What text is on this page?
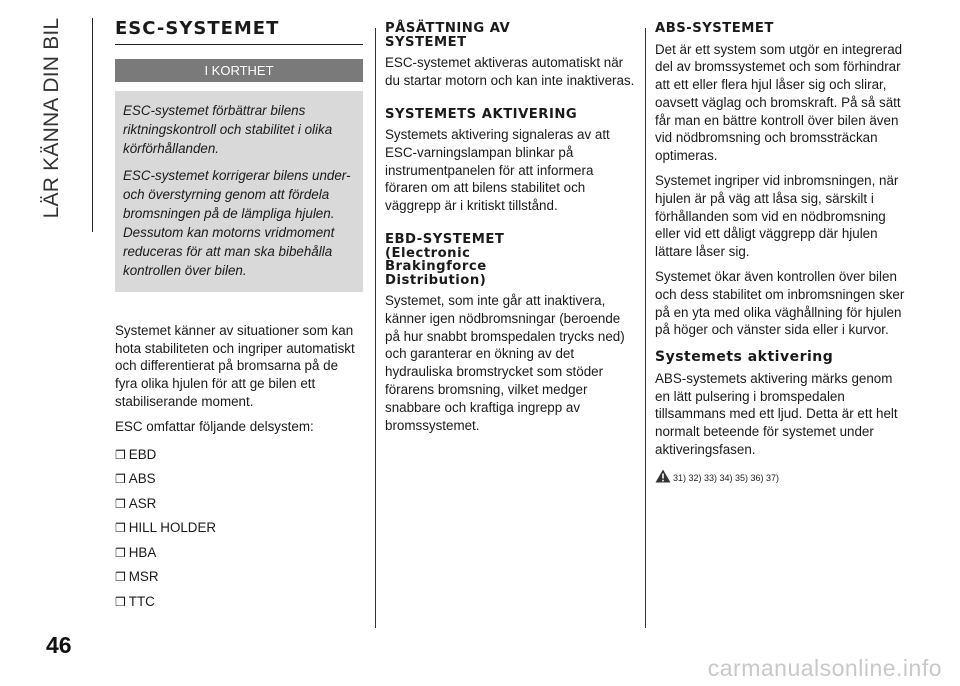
LÄR KÄNNA DIN BIL
46
carmanualsonline.info
ESC-SYSTEMET
I KORTHET

ESC-systemet förbättrar bilens riktningskontroll och stabilitet i olika körförhållanden.

ESC-systemet korrigerar bilens under- och överstyrning genom att fördela bromsningen på de lämpliga hjulen. Dessutom kan motorns vridmoment reduceras för att man ska bibehålla kontrollen över bilen.

Systemet känner av situationer som kan hota stabiliteten och ingriper automatiskt och differentierat på bromsarna på de fyra olika hjulen för att ge bilen ett stabiliserande moment.

ESC omfattar följande delsystem:

❒ EBD
❒ ABS
❒ ASR
❒ HILL HOLDER
❒ HBA
❒ MSR
❒ TTC
PÅSÄTTNING AV SYSTEMET

ESC-systemet aktiveras automatiskt när du startar motorn och kan inte inaktiveras.

SYSTEMETS AKTIVERING

Systemets aktivering signaleras av att ESC-varningslampan blinkar på instrumentpanelen för att informera föraren om att bilens stabilitet och väggrepp är i kritiskt tillstånd.

EBD-SYSTEMET (Electronic Brakingforce Distribution)

Systemet, som inte går att inaktivera, känner igen nödbromsningar (beroende på hur snabbt bromspedalen trycks ned) och garanterar en ökning av det hydrauliska bromstrycket som stöder förarens bromsning, vilket medger snabbare och kraftiga ingrepp av bromssystemet.

ABS-SYSTEMET

Det är ett system som utgör en integrerad del av bromssystemet och som förhindrar att ett eller flera hjul låser sig och slirar, oavsett väglag och bromskraft. På så sätt får man en bättre kontroll över bilen även vid nödbromsning och bromssträckan optimeras.

Systemet ingriper vid inbromsningen, när hjulen är på väg att låsa sig, särskilt i förhållanden som vid en nödbromsning eller vid ett dåligt väggrepp där hjulen lättare låser sig.

Systemet ökar även kontrollen över bilen och dess stabilitet om inbromsningen sker på en yta med olika väghållning för hjulen på höger och vänster sida eller i kurvor.

Systemets aktivering

ABS-systemets aktivering märks genom en lätt pulsering i bromspedalen tillsammans med ett ljud. Detta är ett helt normalt beteende för systemet under aktiveringsfasen.

31) 32) 33) 34) 35) 36) 37)
